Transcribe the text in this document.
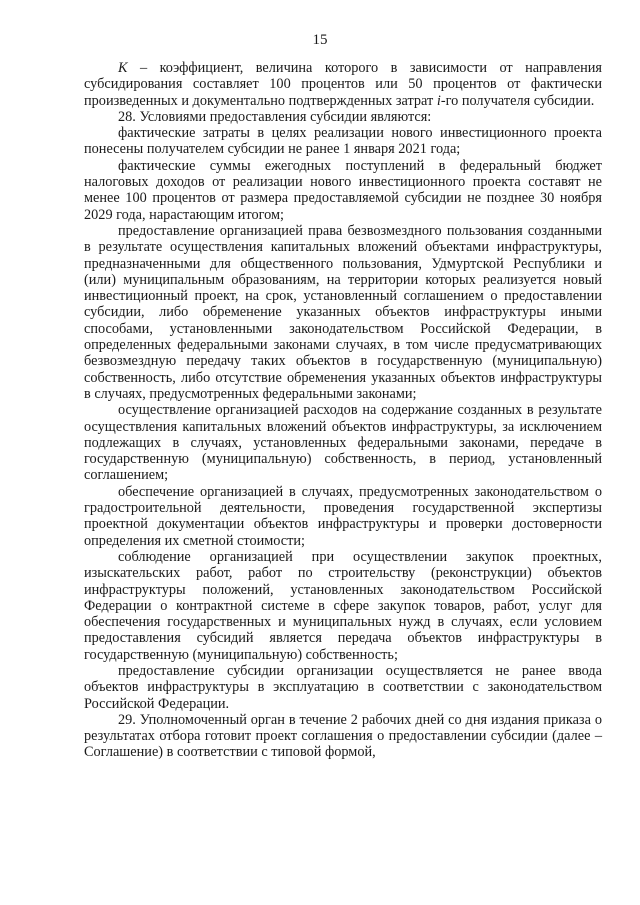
15

K – коэффициент, величина которого в зависимости от направления субсидирования составляет 100 процентов или 50 процентов от фактически произведенных и документально подтвержденных затрат i-го получателя субсидии.

28. Условиями предоставления субсидии являются:

фактические затраты в целях реализации нового инвестиционного проекта понесены получателем субсидии не ранее 1 января 2021 года;

фактические суммы ежегодных поступлений в федеральный бюджет налоговых доходов от реализации нового инвестиционного проекта составят не менее 100 процентов от размера предоставляемой субсидии не позднее 30 ноября 2029 года, нарастающим итогом;

предоставление организацией права безвозмездного пользования созданными в результате осуществления капитальных вложений объектами инфраструктуры, предназначенными для общественного пользования, Удмуртской Республики и (или) муниципальным образованиям, на территории которых реализуется новый инвестиционный проект, на срок, установленный соглашением о предоставлении субсидии, либо обременение указанных объектов инфраструктуры иными способами, установленными законодательством Российской Федерации, в определенных федеральными законами случаях, в том числе предусматривающих безвозмездную передачу таких объектов в государственную (муниципальную) собственность, либо отсутствие обременения указанных объектов инфраструктуры в случаях, предусмотренных федеральными законами;

осуществление организацией расходов на содержание созданных в результате осуществления капитальных вложений объектов инфраструктуры, за исключением подлежащих в случаях, установленных федеральными законами, передаче в государственную (муниципальную) собственность, в период, установленный соглашением;

обеспечение организацией в случаях, предусмотренных законодательством о градостроительной деятельности, проведения государственной экспертизы проектной документации объектов инфраструктуры и проверки достоверности определения их сметной стоимости;

соблюдение организацией при осуществлении закупок проектных, изыскательских работ, работ по строительству (реконструкции) объектов инфраструктуры положений, установленных законодательством Российской Федерации о контрактной системе в сфере закупок товаров, работ, услуг для обеспечения государственных и муниципальных нужд в случаях, если условием предоставления субсидий является передача объектов инфраструктуры в государственную (муниципальную) собственность;

предоставление субсидии организации осуществляется не ранее ввода объектов инфраструктуры в эксплуатацию в соответствии с законодательством Российской Федерации.

29. Уполномоченный орган в течение 2 рабочих дней со дня издания приказа о результатах отбора готовит проект соглашения о предоставлении субсидии (далее – Соглашение) в соответствии с типовой формой,
